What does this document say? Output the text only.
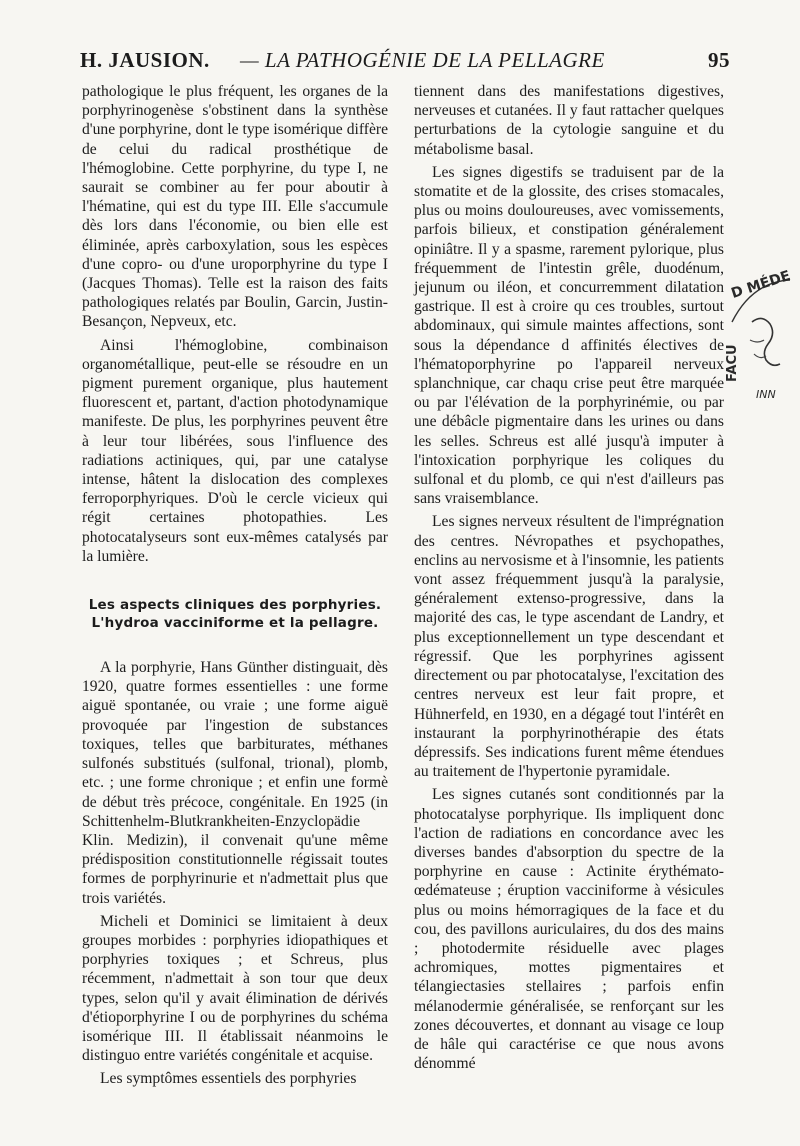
H. JAUSION. — LA PATHOGÉNIE DE LA PELLAGRE	95

pathologique le plus fréquent, les organes de la porphyrinogenèse s'obstinent dans la synthèse d'une porphyrine, dont le type isomérique diffère de celui du radical prosthétique de l'hémoglobine. Cette porphyrine, du type I, ne saurait se combiner au fer pour aboutir à l'hématine, qui est du type III. Elle s'accumule dès lors dans l'économie, ou bien elle est éliminée, après carboxylation, sous les espèces d'une copro- ou d'une uroporphyrine du type I (Jacques Thomas). Telle est la raison des faits pathologiques relatés par Boulin, Garcin, Justin-Besançon, Nepveux, etc.

Ainsi l'hémoglobine, combinaison organométallique, peut-elle se résoudre en un pigment purement organique, plus hautement fluorescent et, partant, d'action photodynamique manifeste. De plus, les porphyrines peuvent être à leur tour libérées, sous l'influence des radiations actiniques, qui, par une catalyse intense, hâtent la dislocation des complexes ferroporphyriques. D'où le cercle vicieux qui régit certaines photopathies. Les photocatalyseurs sont eux-mêmes catalysés par la lumière.

Les aspects cliniques des porphyries.
L'hydroa vacciniforme et la pellagre.

A la porphyrie, Hans Günther distinguait, dès 1920, quatre formes essentielles : une forme aiguë spontanée, ou vraie ; une forme aiguë provoquée par l'ingestion de substances toxiques, telles que barbiturates, méthanes sulfonés substitués (sulfonal, trional), plomb, etc. ; une forme chronique ; et enfin une formè de début très précoce, congénitale. En 1925 (in Schittenhelm-Blutkrankheiten-Enzyclopädie Klin. Medizin), il convenait qu'une même prédisposition constitutionnelle régissait toutes formes de porphyrinurie et n'admettait plus que trois variétés.

Micheli et Dominici se limitaient à deux groupes morbides : porphyries idiopathiques et porphyries toxiques ; et Schreus, plus récemment, n'admettait à son tour que deux types, selon qu'il y avait élimination de dérivés d'étioporphyrine I ou de porphyrines du schéma isomérique III. Il établissait néanmoins le distinguo entre variétés congénitale et acquise.

Les symptômes essentiels des porphyries

tiennent dans des manifestations digestives, nerveuses et cutanées. Il y faut rattacher quelques perturbations de la cytologie sanguine et du métabolisme basal.

Les signes digestifs se traduisent par de la stomatite et de la glossite, des crises stomacales, plus ou moins douloureuses, avec vomissements, parfois bilieux, et constipation généralement opiniâtre. Il y a spasme, rarement pylorique, plus fréquemment de l'intestin grêle, duodénum, jejunum ou iléon, et concurremment dilatation gastrique. Il est à croire qu ces troubles, surtout abdominaux, qui simule maintes affections, sont sous la dépendance d affinités électives de l'hématoporphyrine po l'appareil nerveux splanchnique, car chaqu crise peut être marquée ou par l'élévation de la porphyrinémie, ou par une débâcle pigmentaire dans les urines ou dans les selles. Schreus est allé jusqu'à imputer à l'intoxication porphyrique les coliques du sulfonal et du plomb, ce qui n'est d'ailleurs pas sans vraisemblance.

Les signes nerveux résultent de l'imprégnation des centres. Névropathes et psychopathes, enclins au nervosisme et à l'insomnie, les patients vont assez fréquemment jusqu'à la paralysie, généralement extenso-progressive, dans la majorité des cas, le type ascendant de Landry, et plus exceptionnellement un type descendant et régressif. Que les porphyrines agissent directement ou par photocatalyse, l'excitation des centres nerveux est leur fait propre, et Hühnerfeld, en 1930, en a dégagé tout l'intérêt en instaurant la porphyrinothérapie des états dépressifs. Ses indications furent même étendues au traitement de l'hypertonie pyramidale.

Les signes cutanés sont conditionnés par la photocatalyse porphyrique. Ils impliquent donc l'action de radiations en concordance avec les diverses bandes d'absorption du spectre de la porphyrine en cause : Actinite érythémato-œdémateuse ; éruption vacciniforme à vésicules plus ou moins hémorragiques de la face et du cou, des pavillons auriculaires, du dos des mains ; photodermite résiduelle avec plages achromiques, mottes pigmentaires et télangiectasies stellaires ; parfois enfin mélanodermie généralisée, se renforçant sur les zones découvertes, et donnant au visage ce loup de hâle qui caractérise ce que nous avons dénommé

D MÉDE
FACU
INN
